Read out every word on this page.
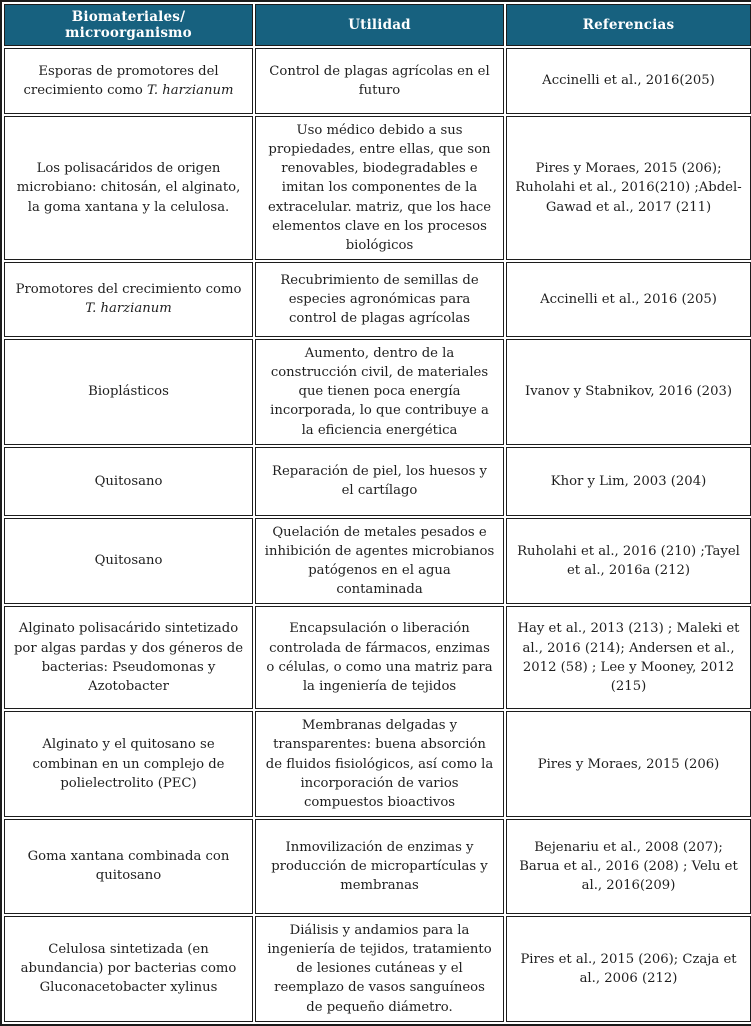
Biomateriales/ microorganismo	Utilidad	Referencias
Esporas de promotores del crecimiento como T. harzianum	Control de plagas agrícolas en el futuro	Accinelli et al., 2016(205)
Los polisacáridos de origen microbiano: chitosán, el alginato, la goma xantana y la celulosa.	Uso médico debido a sus propiedades, entre ellas, que son renovables, biodegradables e imitan los componentes de la extracelular. matriz, que los hace elementos clave en los procesos biológicos	Pires y Moraes, 2015 (206); Ruholahi et al., 2016(210) ;Abdel-Gawad et al., 2017 (211)
Promotores del crecimiento como T. harzianum	Recubrimiento de semillas de especies agronómicas para control de plagas agrícolas	Accinelli et al., 2016 (205)
Bioplásticos	Aumento, dentro de la construcción civil, de materiales que tienen poca energía incorporada, lo que contribuye a la eficiencia energética	Ivanov y Stabnikov, 2016 (203)
Quitosano	Reparación de piel, los huesos y el cartílago	Khor y Lim, 2003 (204)
Quitosano	Quelación de metales pesados e inhibición de agentes microbianos patógenos en el agua contaminada	Ruholahi et al., 2016 (210) ;Tayel et al., 2016a (212)
Alginato polisacárido sintetizado por algas pardas y dos géneros de bacterias: Pseudomonas y Azotobacter	Encapsulación o liberación controlada de fármacos, enzimas o células, o como una matriz para la ingeniería de tejidos	Hay et al., 2013 (213) ; Maleki et al., 2016 (214); Andersen et al., 2012 (58) ; Lee y Mooney, 2012 (215)
Alginato y el quitosano se combinan en un complejo de polielectrolito (PEC)	Membranas delgadas y transparentes: buena absorción de fluidos fisiológicos, así como la incorporación de varios compuestos bioactivos	Pires y Moraes, 2015 (206)
Goma xantana combinada con quitosano	Inmovilización de enzimas y producción de micropartículas y membranas	Bejenariu et al., 2008 (207); Barua et al., 2016 (208) ; Velu et al., 2016(209)
Celulosa sintetizada (en abundancia) por bacterias como Gluconacetobacter xylinus	Diálisis y andamios para la ingeniería de tejidos, tratamiento de lesiones cutáneas y el reemplazo de vasos sanguíneos de pequeño diámetro.	Pires et al., 2015 (206); Czaja et al., 2006 (212)
